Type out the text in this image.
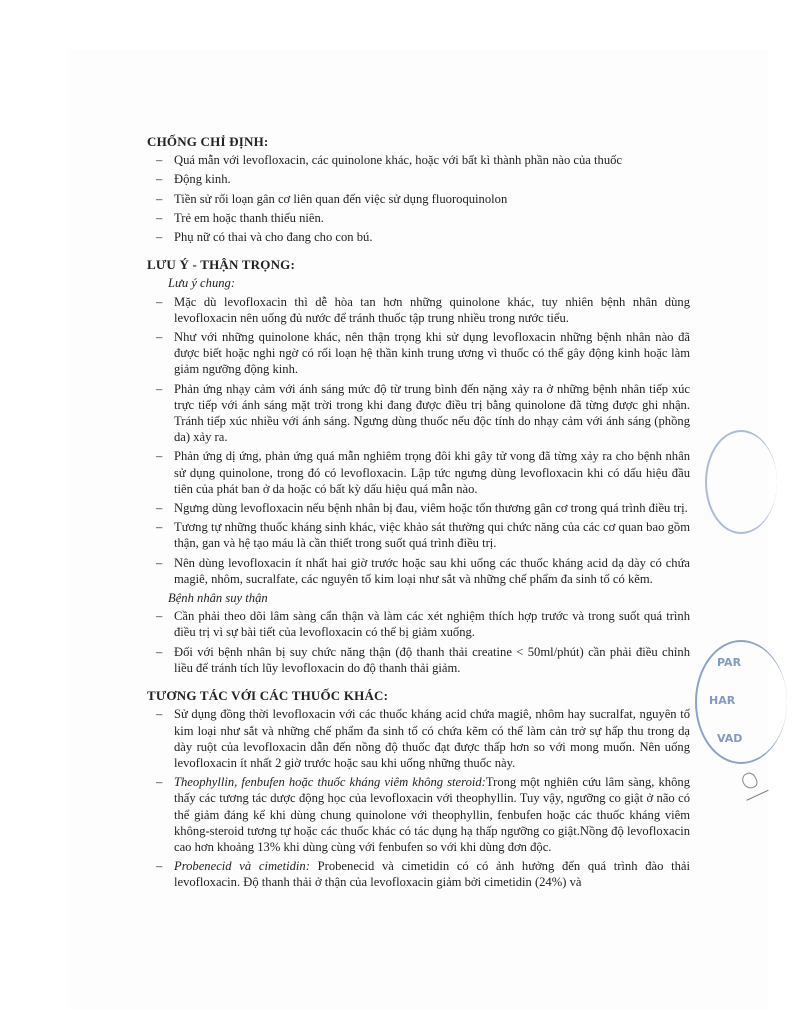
CHỐNG CHỈ ĐỊNH:
– Quá mẫn với levofloxacin, các quinolone khác, hoặc với bất kì thành phần nào của thuốc
– Động kinh.
– Tiền sử rối loạn gân cơ liên quan đến việc sử dụng fluoroquinolon
– Trẻ em hoặc thanh thiếu niên.
– Phụ nữ có thai và cho đang cho con bú.
LƯU Ý - THẬN TRỌNG:
Lưu ý chung:
– Mặc dù levofloxacin thì dễ hòa tan hơn những quinolone khác, tuy nhiên bệnh nhân dùng levofloxacin nên uống đủ nước để tránh thuốc tập trung nhiều trong nước tiểu.
– Như với những quinolone khác, nên thận trọng khi sử dụng levofloxacin những bệnh nhân nào đã được biết hoặc nghi ngờ có rối loạn hệ thần kinh trung ương vì thuốc có thể gây động kinh hoặc làm giảm ngưỡng động kinh.
– Phản ứng nhạy cảm với ánh sáng mức độ từ trung bình đến nặng xảy ra ở những bệnh nhân tiếp xúc trực tiếp với ánh sáng mặt trời trong khi đang được điều trị bằng quinolone đã từng được ghi nhận. Tránh tiếp xúc nhiều với ánh sáng. Ngưng dùng thuốc nếu độc tính do nhạy cảm với ánh sáng (phồng da) xảy ra.
– Phản ứng dị ứng, phản ứng quá mẫn nghiêm trọng đôi khi gây tử vong đã từng xảy ra cho bệnh nhân sử dụng quinolone, trong đó có levofloxacin. Lập tức ngưng dùng levofloxacin khi có dấu hiệu đầu tiên của phát ban ở da hoặc có bất kỳ dấu hiệu quá mẫn nào.
– Ngưng dùng levofloxacin nếu bệnh nhân bị đau, viêm hoặc tổn thương gân cơ trong quá trình điều trị.
– Tương tự những thuốc kháng sinh khác, việc khảo sát thường qui chức năng của các cơ quan bao gồm thận, gan và hệ tạo máu là cần thiết trong suốt quá trình điều trị.
– Nên dùng levofloxacin ít nhất hai giờ trước hoặc sau khi uống các thuốc kháng acid dạ dày có chứa magiê, nhôm, sucralfate, các nguyên tố kim loại như sắt và những chế phẩm đa sinh tố có kẽm.
Bệnh nhân suy thận
– Cần phải theo dõi lâm sàng cẩn thận và làm các xét nghiệm thích hợp trước và trong suốt quá trình điều trị vì sự bài tiết của levofloxacin có thể bị giảm xuống.
– Đối với bệnh nhân bị suy chức năng thận (độ thanh thải creatine < 50ml/phút) cần phải điều chỉnh liều để tránh tích lũy levofloxacin do độ thanh thải giảm.
TƯƠNG TÁC VỚI CÁC THUỐC KHÁC:
– Sử dụng đồng thời levofloxacin với các thuốc kháng acid chứa magiê, nhôm hay sucralfat, nguyên tố kim loại như sắt và những chế phẩm đa sinh tố có chứa kẽm có thể làm cản trở sự hấp thu trong dạ dày ruột của levofloxacin dẫn đến nồng độ thuốc đạt được thấp hơn so với mong muốn. Nên uống levofloxacin ít nhất 2 giờ trước hoặc sau khi uống những thuốc này.
– Theophyllin, fenbufen hoặc thuốc kháng viêm không steroid:Trong một nghiên cứu lâm sàng, không thấy các tương tác dược động học của levofloxacin với theophyllin. Tuy vậy, ngưỡng co giật ở não có thể giảm đáng kể khi dùng chung quinolone với theophyllin, fenbufen hoặc các thuốc kháng viêm không-steroid tương tự hoặc các thuốc khác có tác dụng hạ thấp ngưỡng co giật.Nồng độ levofloxacin cao hơn khoảng 13% khi dùng cùng với fenbufen so với khi dùng đơn độc.
– Probenecid và cimetidin: Probenecid và cimetidin có có ảnh hưởng đến quá trình đào thải levofloxacin. Độ thanh thải ở thận của levofloxacin giảm bởi cimetidin (24%) và
PAR
HAR
VAD
